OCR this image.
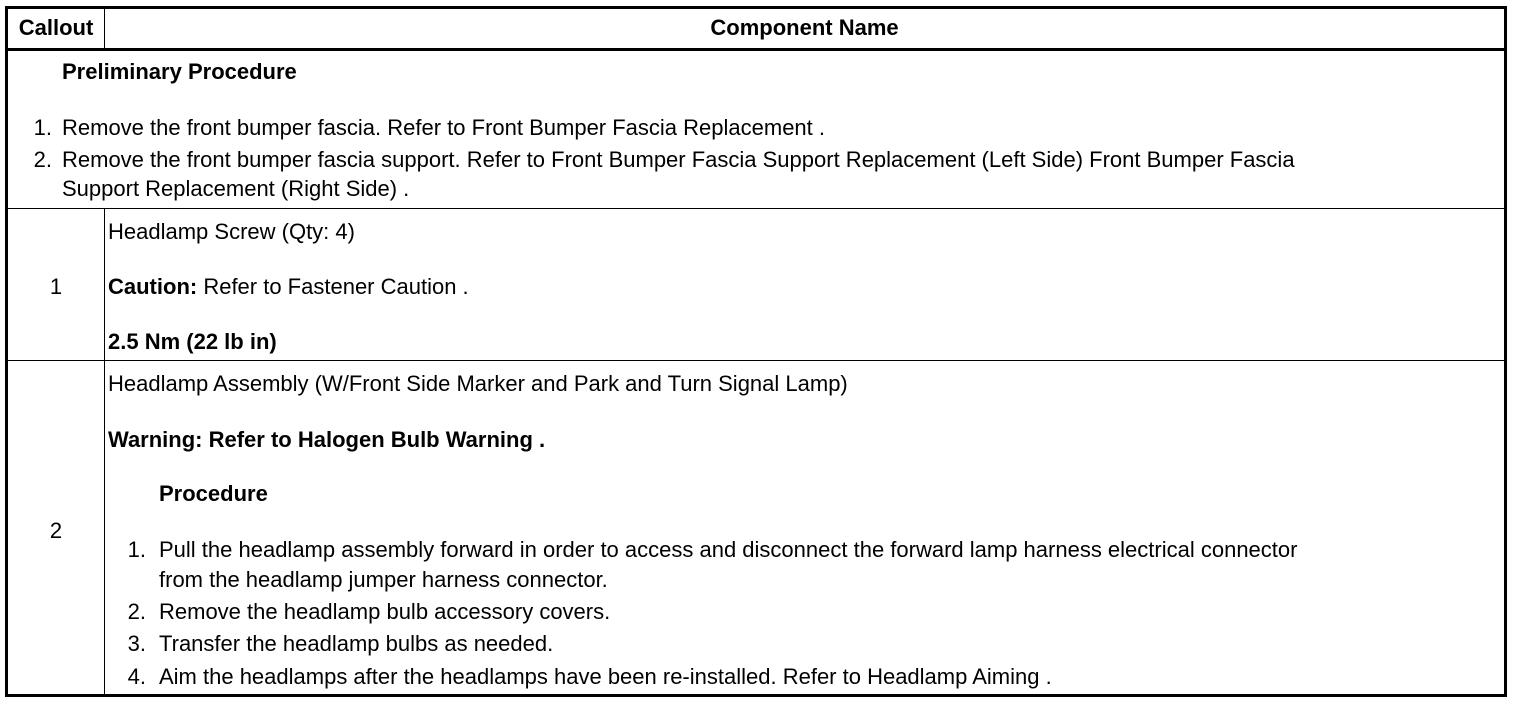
Callout	Component Name
Preliminary Procedure
1. Remove the front bumper fascia. Refer to Front Bumper Fascia Replacement .
2. Remove the front bumper fascia support. Refer to Front Bumper Fascia Support Replacement (Left Side) Front Bumper Fascia
Support Replacement (Right Side) .
1
Headlamp Screw (Qty: 4)
Caution: Refer to Fastener Caution .
2.5 Nm (22 lb in)
2
Headlamp Assembly (W/Front Side Marker and Park and Turn Signal Lamp)
Warning: Refer to Halogen Bulb Warning .
Procedure
1. Pull the headlamp assembly forward in order to access and disconnect the forward lamp harness electrical connector
from the headlamp jumper harness connector.
2. Remove the headlamp bulb accessory covers.
3. Transfer the headlamp bulbs as needed.
4. Aim the headlamps after the headlamps have been re-installed. Refer to Headlamp Aiming .
